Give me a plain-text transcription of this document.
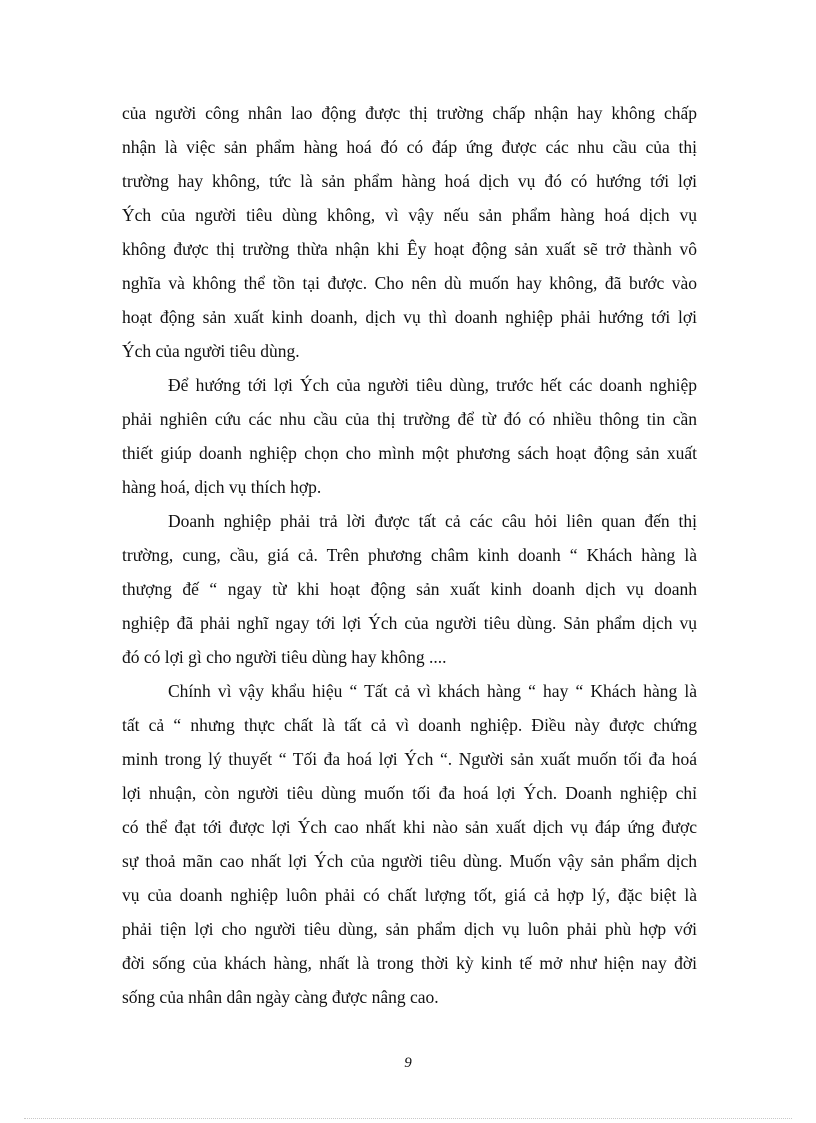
của người công nhân lao động được thị trường chấp nhận hay không chấp
nhận là việc sản phẩm hàng hoá đó có đáp ứng được các nhu cầu của thị
trường hay không, tức là sản phẩm hàng hoá dịch vụ đó có hướng tới lợi
Ých của người tiêu dùng không, vì vậy nếu sản phẩm hàng hoá dịch vụ
không được thị trường thừa nhận khi Êy hoạt động sản xuất sẽ trở thành vô
nghĩa và không thể tồn tại được. Cho nên dù muốn hay không, đã bước vào
hoạt động sản xuất kinh doanh, dịch vụ thì doanh nghiệp phải hướng tới lợi
Ých của người tiêu dùng.

Để hướng tới lợi Ých của người tiêu dùng, trước hết các doanh nghiệp
phải nghiên cứu các nhu cầu của thị trường để từ đó có nhiều thông tin cần
thiết giúp doanh nghiệp chọn cho mình một phương sách hoạt động sản xuất
hàng hoá, dịch vụ thích hợp.

Doanh nghiệp phải trả lời được tất cả các câu hỏi liên quan đến thị
trường, cung, cầu, giá cả. Trên phương châm kinh doanh “ Khách hàng là
thượng đế “ ngay từ khi hoạt động sản xuất kinh doanh dịch vụ doanh
nghiệp đã phải nghĩ ngay tới lợi Ých của người tiêu dùng. Sản phẩm dịch vụ
đó có lợi gì cho người tiêu dùng hay không ....

Chính vì vậy khẩu hiệu “ Tất cả vì khách hàng “ hay “ Khách hàng là
tất cả “ nhưng thực chất là tất cả vì doanh nghiệp. Điều này được chứng
minh trong lý thuyết “ Tối đa hoá lợi Ých “. Người sản xuất muốn tối đa hoá
lợi nhuận, còn người tiêu dùng muốn tối đa hoá lợi Ých. Doanh nghiệp chỉ
có thể đạt tới được lợi Ých cao nhất khi nào sản xuất dịch vụ đáp ứng được
sự thoả mãn cao nhất lợi Ých của người tiêu dùng. Muốn vậy sản phẩm dịch
vụ của doanh nghiệp luôn phải có chất lượng tốt, giá cả hợp lý, đặc biệt là
phải tiện lợi cho người tiêu dùng, sản phẩm dịch vụ luôn phải phù hợp với
đời sống của khách hàng, nhất là trong thời kỳ kinh tế mở như hiện nay đời
sống của nhân dân ngày càng được nâng cao.

9
